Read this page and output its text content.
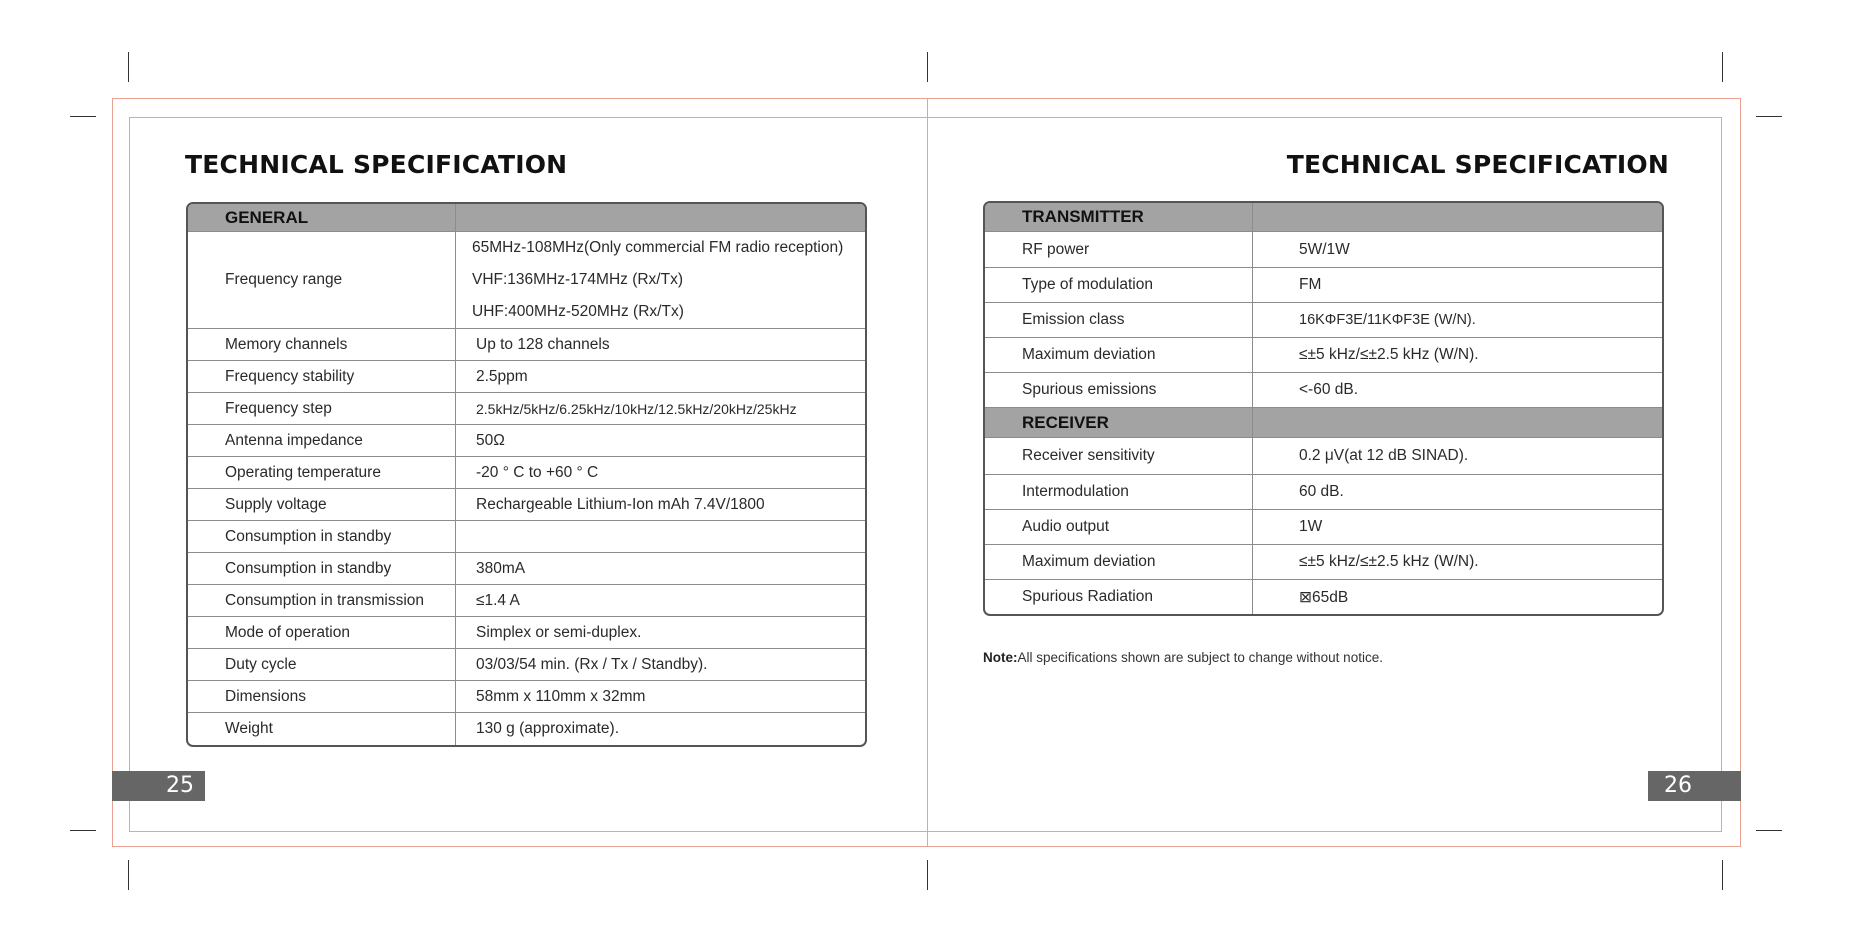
TECHNICAL SPECIFICATION
GENERAL	
Frequency range	65MHz-108MHz(Only commercial FM radio reception)
VHF:136MHz-174MHz (Rx/Tx)
UHF:400MHz-520MHz (Rx/Tx)

Memory channels	Up to 128 channels
Frequency stability	2.5ppm
Frequency step	2.5kHz/5kHz/6.25kHz/10kHz/12.5kHz/20kHz/25kHz
Antenna impedance	50Ω
Operating temperature	-20 ° C to +60 ° C
Supply voltage	Rechargeable Lithium-Ion mAh 7.4V/1800
Consumption in standby	
Consumption in standby	380mA
Consumption in transmission	≤1.4 A
Mode of operation	Simplex or semi-duplex.
Duty cycle	03/03/54 min. (Rx / Tx / Standby).
Dimensions	58mm x 110mm x 32mm
Weight	130 g (approximate).
25
TECHNICAL SPECIFICATION
TRANSMITTER	
RF power	5W/1W
Type of modulation	FM
Emission class	16KΦF3E/11KΦF3E (W/N).
Maximum deviation	≤±5 kHz/≤±2.5 kHz (W/N).
Spurious emissions	<-60 dB.
RECEIVER	
Receiver sensitivity	0.2 μV(at 12 dB SINAD).
Intermodulation	60 dB.
Audio output	1W
Maximum deviation	≤±5 kHz/≤±2.5 kHz (W/N).
Spurious Radiation	⊠65dB
Note:All specifications shown are subject to change without notice.
26
